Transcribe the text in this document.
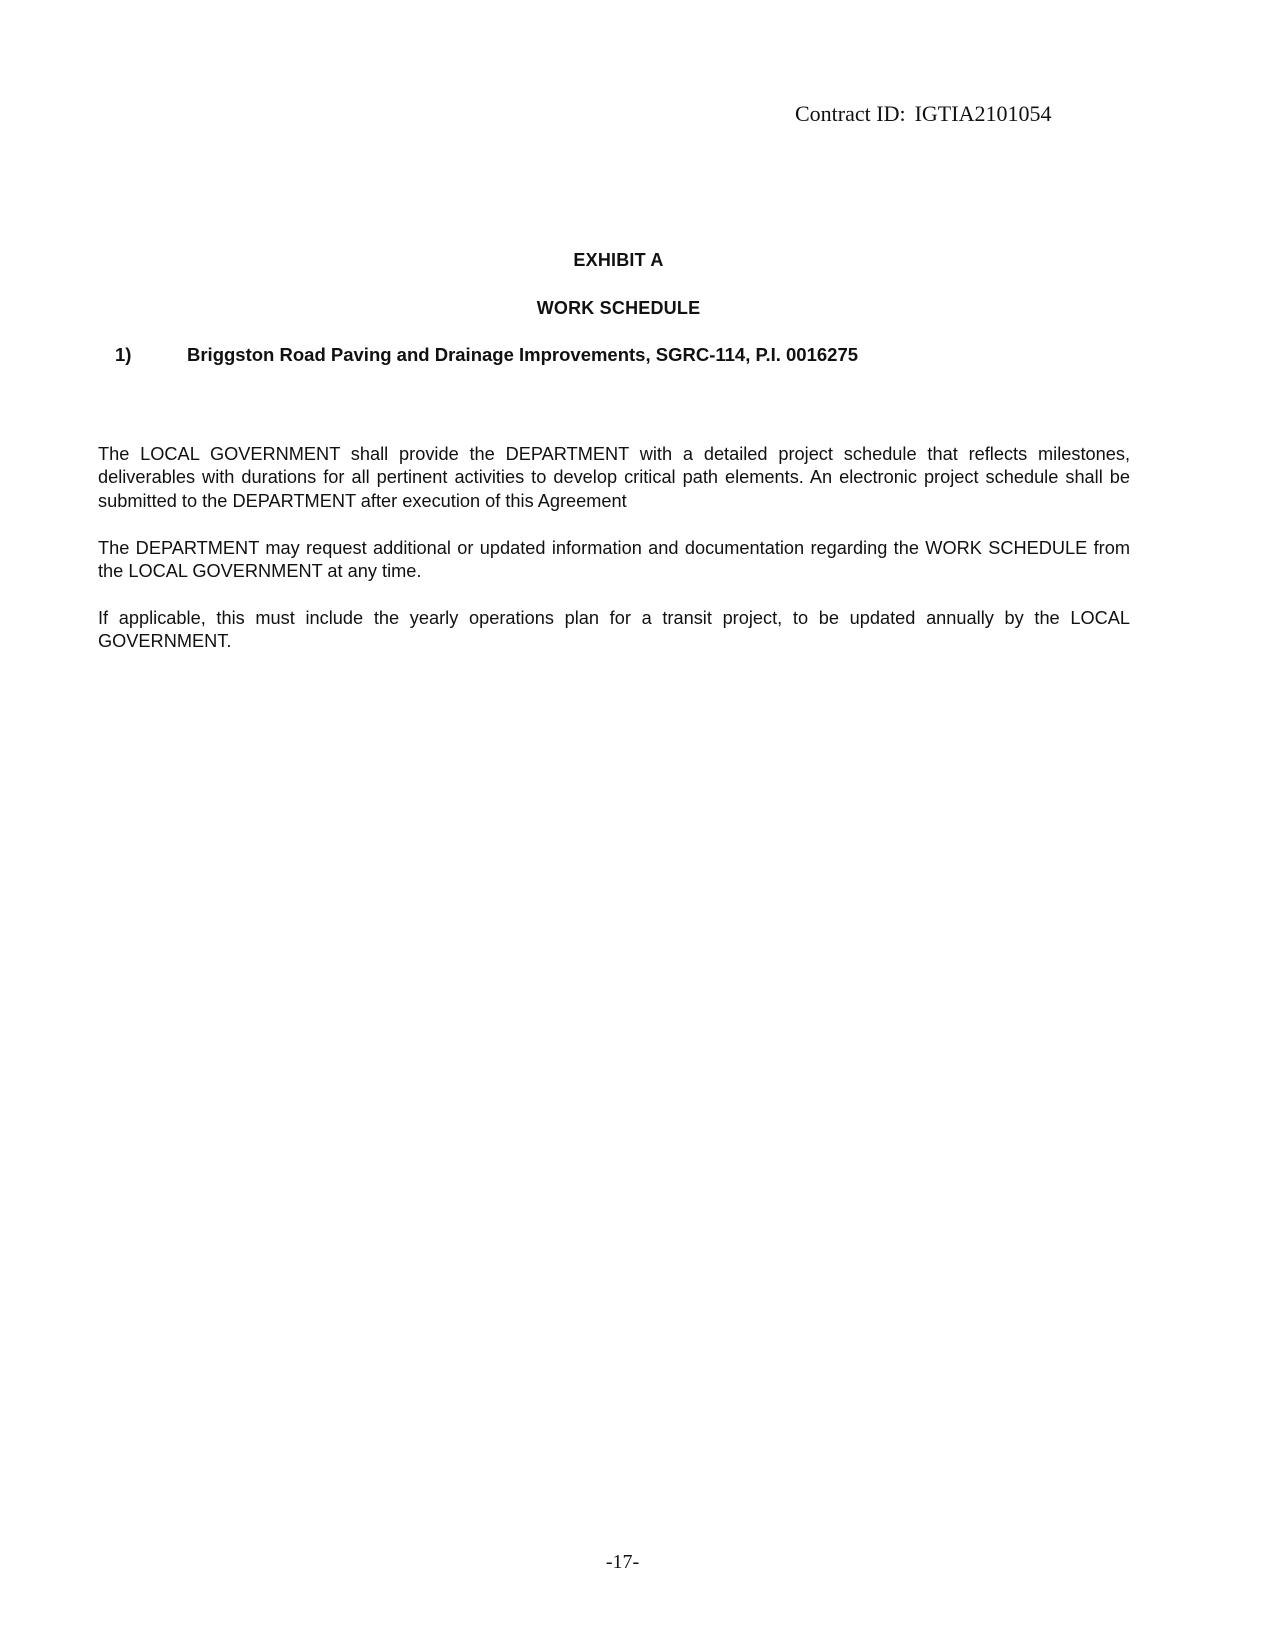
Contract ID: IGTIA2101054
EXHIBIT A
WORK SCHEDULE
1)	Briggston Road Paving and Drainage Improvements, SGRC-114, P.I. 0016275

The LOCAL GOVERNMENT shall provide the DEPARTMENT with a detailed project schedule that reflects milestones, deliverables with durations for all pertinent activities to develop critical path elements. An electronic project schedule shall be submitted to the DEPARTMENT after execution of this Agreement

The DEPARTMENT may request additional or updated information and documentation regarding the WORK SCHEDULE from the LOCAL GOVERNMENT at any time.

If applicable, this must include the yearly operations plan for a transit project, to be updated annually by the LOCAL GOVERNMENT.

-17-
